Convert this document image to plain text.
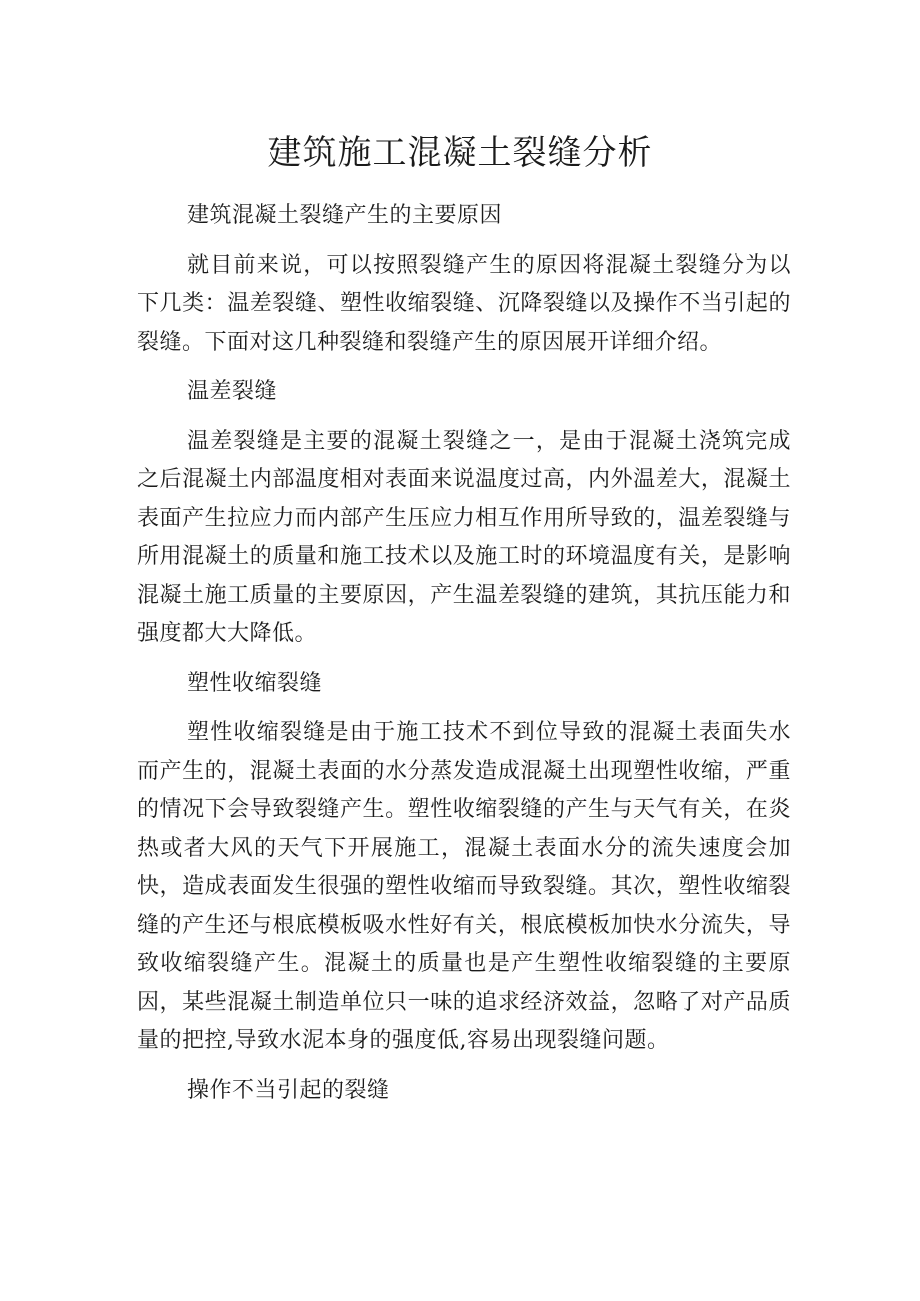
建筑施工混凝土裂缝分析

建筑混凝土裂缝产生的主要原因

就目前来说，可以按照裂缝产生的原因将混凝土裂缝分为以下几类：温差裂缝、塑性收缩裂缝、沉降裂缝以及操作不当引起的裂缝。下面对这几种裂缝和裂缝产生的原因展开详细介绍。

温差裂缝

温差裂缝是主要的混凝土裂缝之一，是由于混凝土浇筑完成之后混凝土内部温度相对表面来说温度过高，内外温差大，混凝土表面产生拉应力而内部产生压应力相互作用所导致的，温差裂缝与所用混凝土的质量和施工技术以及施工时的环境温度有关，是影响混凝土施工质量的主要原因，产生温差裂缝的建筑，其抗压能力和强度都大大降低。

塑性收缩裂缝

塑性收缩裂缝是由于施工技术不到位导致的混凝土表面失水而产生的，混凝土表面的水分蒸发造成混凝土出现塑性收缩，严重的情况下会导致裂缝产生。塑性收缩裂缝的产生与天气有关，在炎热或者大风的天气下开展施工，混凝土表面水分的流失速度会加快，造成表面发生很强的塑性收缩而导致裂缝。其次，塑性收缩裂缝的产生还与根底模板吸水性好有关，根底模板加快水分流失，导致收缩裂缝产生。混凝土的质量也是产生塑性收缩裂缝的主要原因，某些混凝土制造单位只一味的追求经济效益，忽略了对产品质量的把控,导致水泥本身的强度低,容易出现裂缝问题。

操作不当引起的裂缝
